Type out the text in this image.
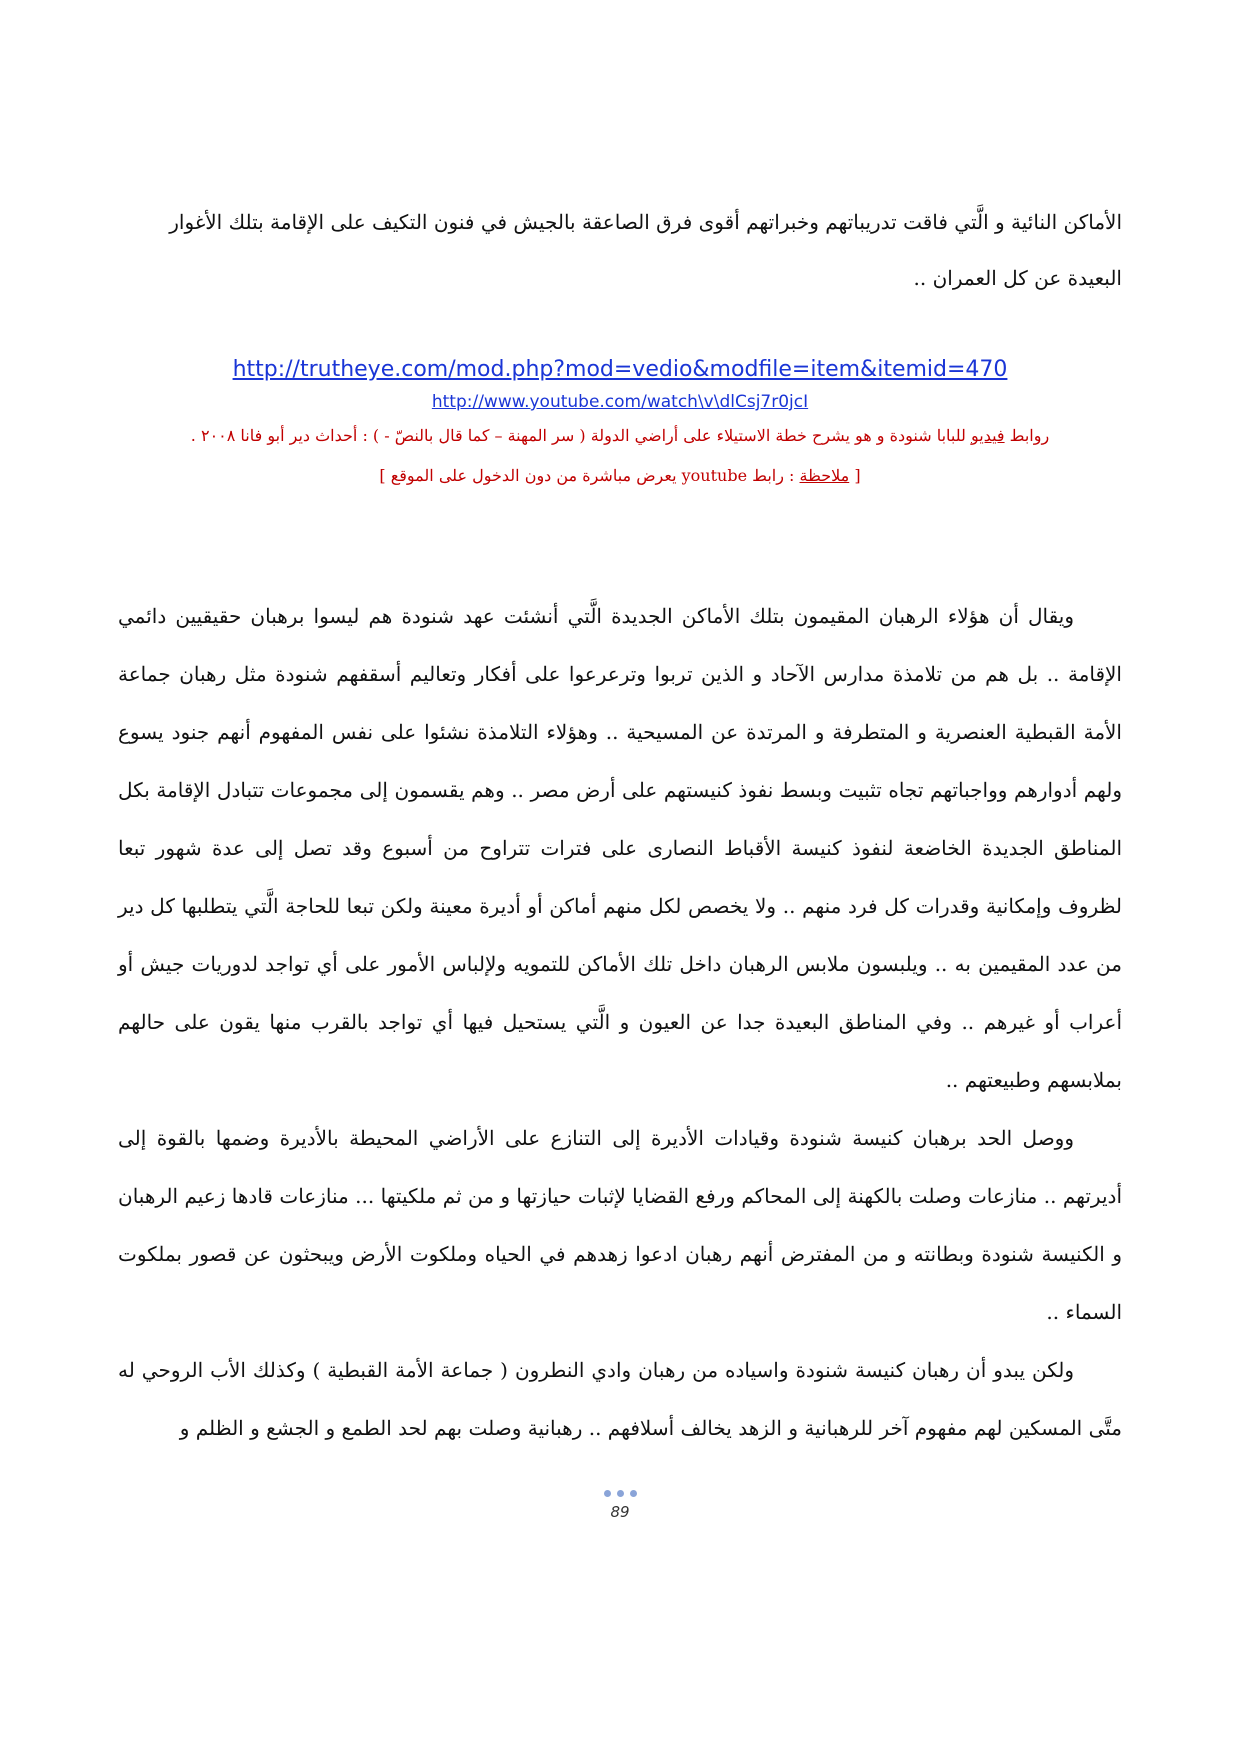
الأماكن النائية و الَّتي فاقت تدريباتهم وخبراتهم أقوى فرق الصاعقة بالجيش في فنون التكيف على الإقامة بتلك الأغوار

البعيدة عن كل العمران ..

http://trutheye.com/mod.php?mod=vedio&modfile=item&itemid=470
http://www.youtube.com/watch\v\dlCsj7r0jcI
روابط فيديو للبابا شنودة و هو يشرح خطة الاستيلاء على أراضي الدولة ( سر المهنة – كما قال بالنصّ - ) : أحداث دير أبو فانا ٢٠٠٨ .
[ ملاحظة : رابط youtube يعرض مباشرة من دون الدخول على الموقع ]

ويقال أن هؤلاء الرهبان المقيمون بتلك الأماكن الجديدة الَّتي أنشئت عهد شنودة هم ليسوا برهبان حقيقيين دائمي الإقامة .. بل هم من تلامذة مدارس الآحاد و الذين تربوا وترعرعوا على أفكار وتعاليم أسقفهم شنودة مثل رهبان جماعة الأمة القبطية العنصرية و المتطرفة و المرتدة عن المسيحية .. وهؤلاء التلامذة نشئوا على نفس المفهوم أنهم جنود يسوع ولهم أدوارهم وواجباتهم تجاه تثبيت وبسط نفوذ كنيستهم على أرض مصر .. وهم يقسمون إلى مجموعات تتبادل الإقامة بكل المناطق الجديدة الخاضعة لنفوذ كنيسة الأقباط النصارى على فترات تتراوح من أسبوع وقد تصل إلى عدة شهور تبعا لظروف وإمكانية وقدرات كل فرد منهم .. ولا يخصص لكل منهم أماكن أو أديرة معينة ولكن تبعا للحاجة الَّتي يتطلبها كل دير من عدد المقيمين به .. ويلبسون ملابس الرهبان داخل تلك الأماكن للتمويه ولإلباس الأمور على أي تواجد لدوريات جيش أو أعراب أو غيرهم .. وفي المناطق البعيدة جدا عن العيون و الَّتي يستحيل فيها أي تواجد بالقرب منها يقون على حالهم بملابسهم وطبيعتهم ..

ووصل الحد برهبان كنيسة شنودة وقيادات الأديرة إلى التنازع على الأراضي المحيطة بالأديرة وضمها بالقوة إلى أديرتهم .. منازعات وصلت بالكهنة إلى المحاكم ورفع القضايا لإثبات حيازتها و من ثم ملكيتها ... منازعات قادها زعيم الرهبان و الكنيسة شنودة وبطانته و من المفترض أنهم رهبان ادعوا زهدهم في الحياه وملكوت الأرض ويبحثون عن قصور بملكوت السماء ..

ولكن يبدو أن رهبان كنيسة شنودة واسياده من رهبان وادي النطرون ( جماعة الأمة القبطية ) وكذلك الأب الروحي له متَّى المسكين لهم مفهوم آخر للرهبانية و الزهد يخالف أسلافهم .. رهبانية وصلت بهم لحد الطمع و الجشع و الظلم و

89
